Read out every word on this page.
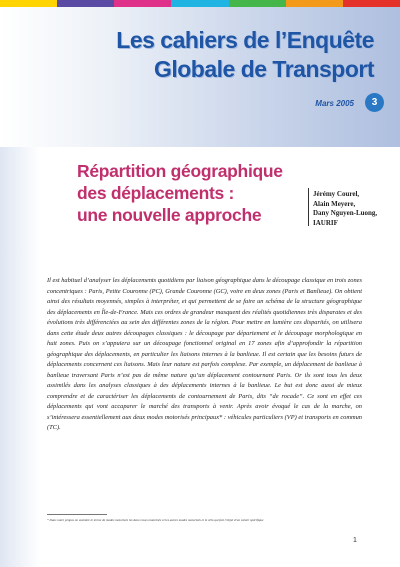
Les cahiers de l’Enquête
Globale de Transport
Mars 2005	3
Répartition géographique
des déplacements :
une nouvelle approche
Jérémy Courel,
Alain Meyere,
Dany Nguyen-Luong,
IAURIF

Il est habituel d’analyser les déplacements quotidiens par liaison géographique dans le découpage classique en trois zones concentriques : Paris, Petite Couronne (PC), Grande Couronne (GC), voire en deux zones (Paris et Banlieue). On obtient ainsi des résultats moyennés, simples à interpréter, et qui permettent de se faire un schéma de la structure géographique des déplacements en Île-de-France. Mais ces ordres de grandeur masquent des réalités quotidiennes très disparates et des évolutions très différenciées au sein des différentes zones de la région. Pour mettre en lumière ces disparités, on utilisera dans cette étude deux autres découpages classiques : le découpage par département et le découpage morphologique en huit zones. Puis on s’appuiera sur un découpage fonctionnel original en 17 zones afin d’approfondir la répartition géographique des déplacements, en particulier les liaisons internes à la banlieue. Il est certain que les besoins futurs de déplacements concernent ces liaisons. Mais leur nature est parfois complexe. Par exemple, un déplacement de banlieue à banlieue traversant Paris n’est pas de même nature qu’un déplacement contournant Paris. Or ils sont tous les deux assimilés dans les analyses classiques à des déplacements internes à la banlieue. Le but est donc aussi de mieux comprendre et de caractériser les déplacements de contournement de Paris, dits “de rocade”. Ce sont en effet ces déplacements qui vont accaparer le marché des transports à venir. Après avoir évoqué le cas de la marche, on s’intéressera essentiellement aux deux modes motorisés principaux* : véhicules particuliers (VP) et transports en commun (TC).

* Dans notre propos on assimile le terme de modes motorisés les deux roues motorisés et les autres modes motorisés et le vélo qui fait l’objet d’un cahier spécifique

1
